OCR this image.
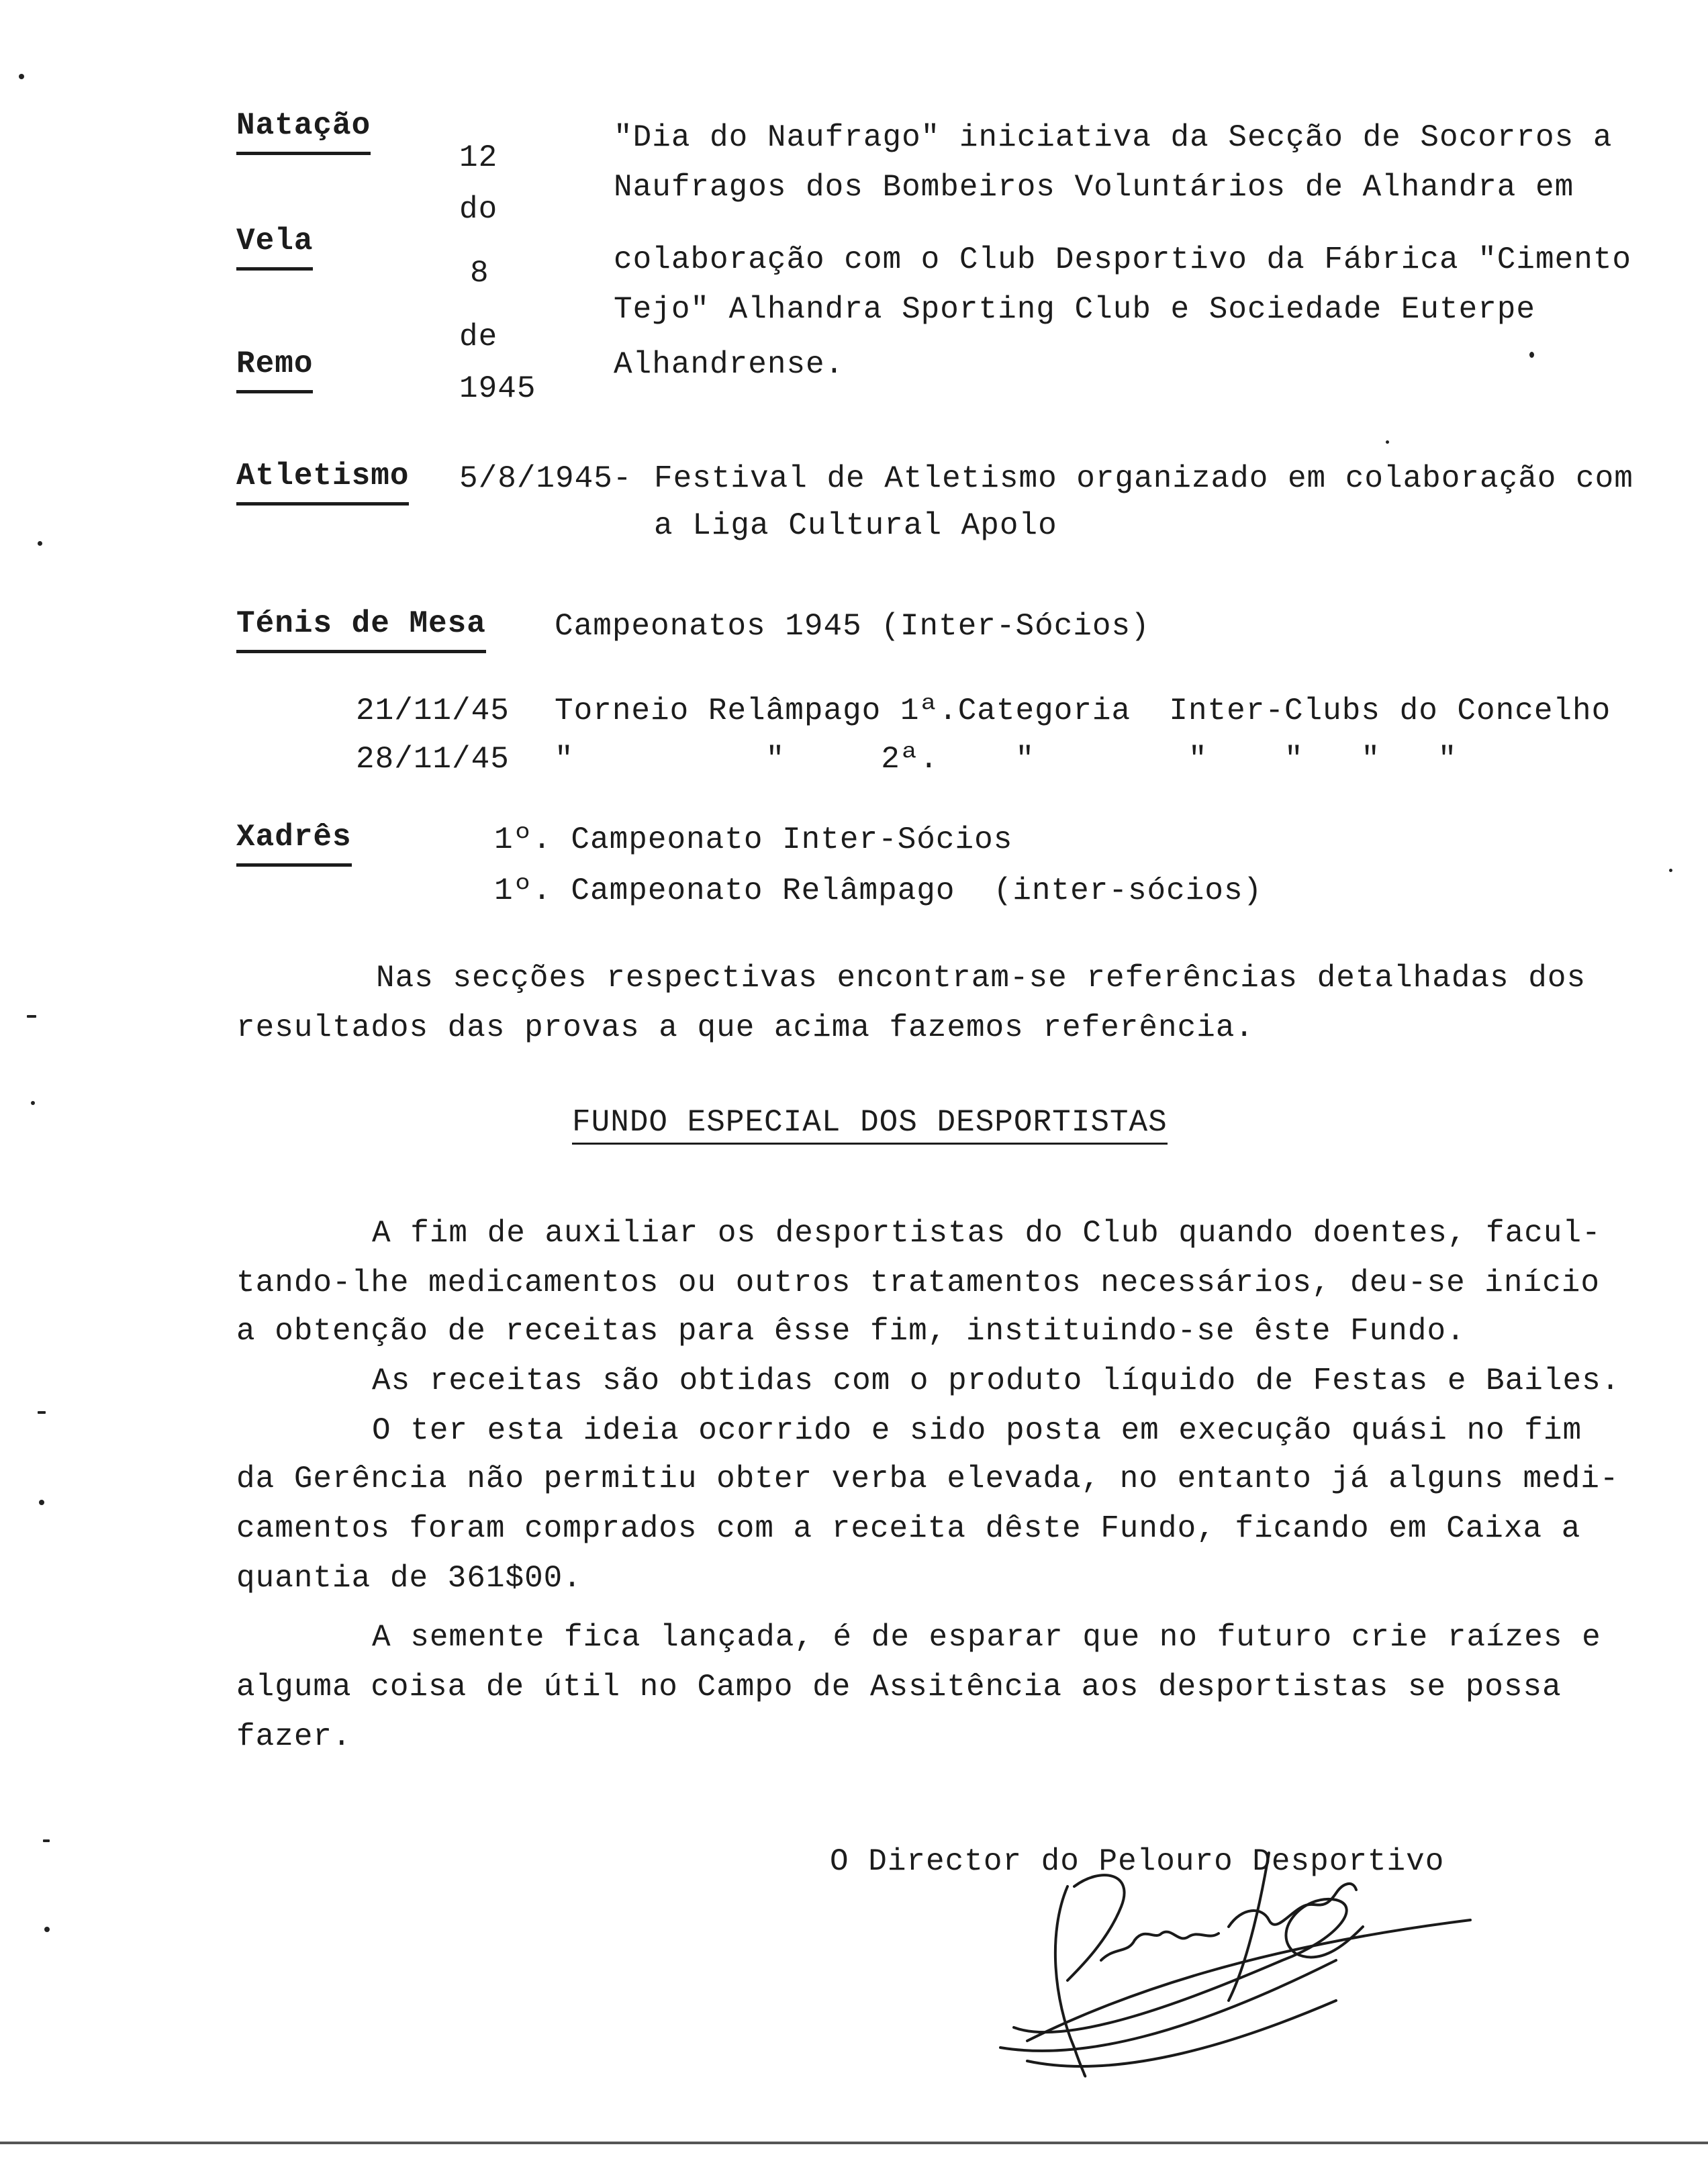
Natação
Vela
Remo
12
do
8
de
1945
"Dia do Naufrago" iniciativa da Secção de Socorros a
Naufragos dos Bombeiros Voluntários de Alhandra em
colaboração com o Club Desportivo da Fábrica "Cimento
Tejo" Alhandra Sporting Club e Sociedade Euterpe
Alhandrense.
Atletismo 5/8/1945- Festival de Atletismo organizado em colaboração com
a Liga Cultural Apolo
Ténis de Mesa Campeonatos 1945 (Inter-Sócios)
21/11/45 Torneio Relâmpago 1ª.Categoria  Inter-Clubs do Concelho
28/11/45 "          "     2ª.    "        "    "   "   "
Xadrês	1º. Campeonato Inter-Sócios
1º. Campeonato Relâmpago  (inter-sócios)
Nas secções respectivas encontram-se referências detalhadas dos
resultados das provas a que acima fazemos referência.
FUNDO ESPECIAL DOS DESPORTISTAS
A fim de auxiliar os desportistas do Club quando doentes, facul-
tando-lhe medicamentos ou outros tratamentos necessários, deu-se início
a obtenção de receitas para êsse fim, instituindo-se êste Fundo.
As receitas são obtidas com o produto líquido de Festas e Bailes.
O ter esta ideia ocorrido e sido posta em execução quási no fim
da Gerência não permitiu obter verba elevada, no entanto já alguns medi-
camentos foram comprados com a receita dêste Fundo, ficando em Caixa a
quantia de 361$00.
A semente fica lançada, é de esparar que no futuro crie raízes e
alguma coisa de útil no Campo de Assitência aos desportistas se possa
fazer.
O Director do Pelouro Desportivo
